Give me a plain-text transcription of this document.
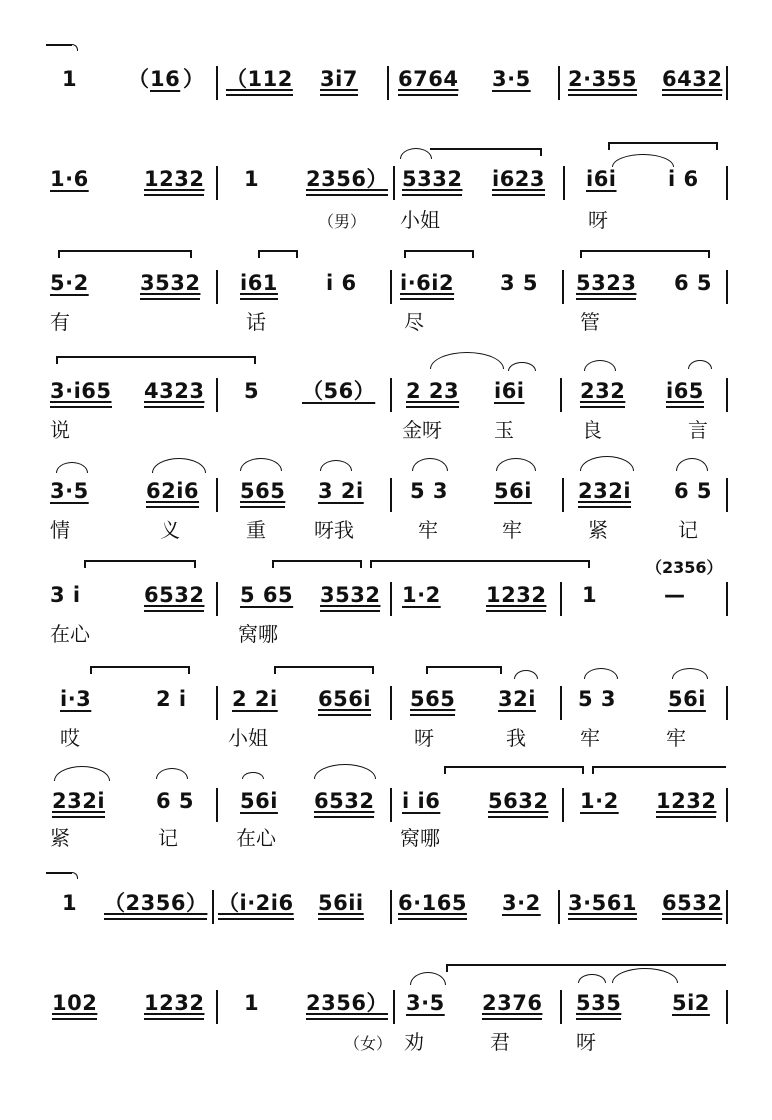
1 （ 16 ） （112 3i7 6764 3·5 2·355 6432
1·6	1232 1 2356） 5332 i623 i6i i 6
（男） 小姐	呀
5·2 3532 i61 i 6 i·6i2 3 5 5323 6 5
有	话	尽	管
3·i65 4323 5 （56） 2 23 i6i	232 i65
说	金呀	玉	良	言
3·5	62i6 565 3 2i 5 3 56i 232i 6 5
情	义	重 呀我	牢	牢	紧	记
（2356）
3 i	6532 5 65 3532 1·2 1232 1	—
在心	窝哪
i·3	2 i 2 2i 656i 565 32i 5 3 56i
哎	小姐	呀	我	牢	牢
232i 6 5 56i 6532 i i6 5632 1·2 1232
紧	记	在心	窝哪
1 （2356） （i·2i6 56ii 6·165 3·2 3·561 6532
102 1232 1 2356） 3·5 2376 535 5i2
（女） 劝	君	呀
